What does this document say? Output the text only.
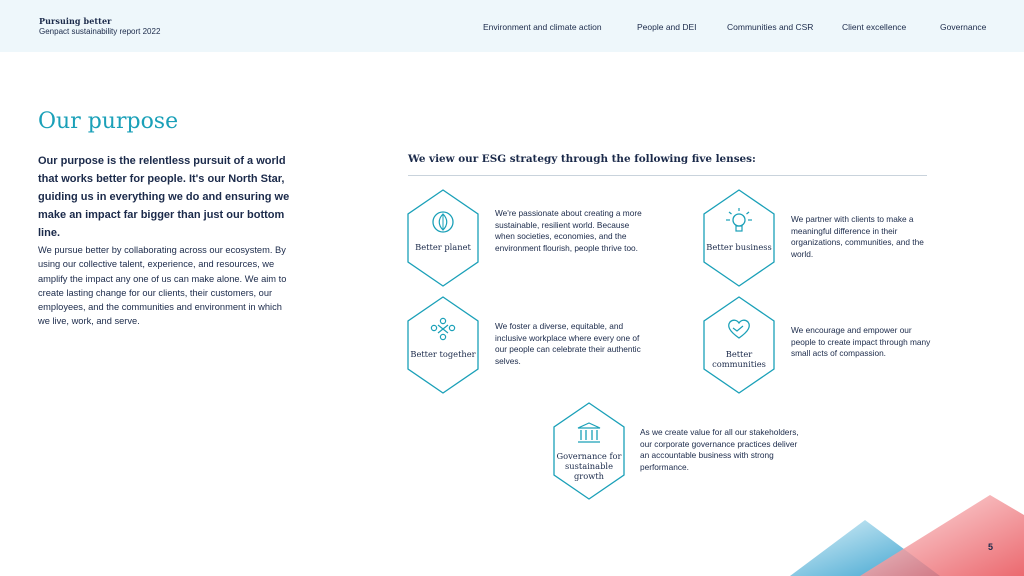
Pursuing better
Genpact sustainability report 2022	Environment and climate action	People and DEI	Communities and CSR	Client excellence	Governance
Our purpose

Our purpose is the relentless pursuit of a world that works better for people. It's our North Star, guiding us in everything we do and ensuring we make an impact far bigger than just our bottom line.

We pursue better by collaborating across our ecosystem. By using our collective talent, experience, and resources, we amplify the impact any one of us can make alone. We aim to create lasting change for our clients, their customers, our employees, and the communities and environment in which we live, work, and serve.

We view our ESG strategy through the following five lenses:
Better planet
We're passionate about creating a more sustainable, resilient world. Because when societies, economies, and the environment flourish, people thrive too.	Better business
We partner with clients to make a meaningful difference in their organizations, communities, and the world.
Better together
We foster a diverse, equitable, and inclusive workplace where every one of our people can celebrate their authentic selves.
Better communities
We encourage and empower our people to create impact through many small acts of compassion.
Governance for sustainable growth
As we create value for all our stakeholders, our corporate governance practices deliver an accountable business with strong performance.
5
